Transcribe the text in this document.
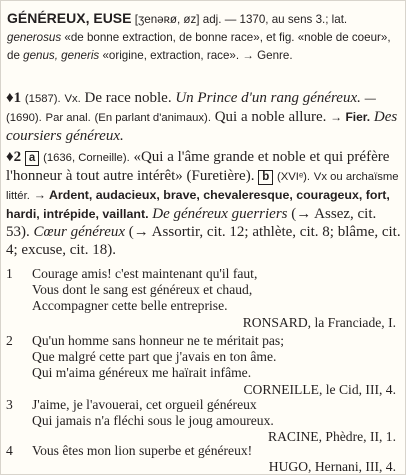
GÉNÉREUX, EUSE [ʒenəʀø, øz] adj. — 1370, au sens 3.; lat. generosus «de bonne extraction, de bonne race», et fig. «noble de coeur», de genus, generis «origine, extraction, race». → Genre.
♦1 (1587). Vx. De race noble. Un Prince d'un rang généreux. — (1690). Par anal. (En parlant d'animaux). Qui a noble allure. → Fier. Des coursiers généreux.
♦2 a (1636, Corneille). «Qui a l'âme grande et noble et qui préfère l'honneur à tout autre intérêt» (Furetière). b (XVIᵉ). Vx ou archaïsme littér. → Ardent, audacieux, brave, chevaleresque, courageux, fort, hardi, intrépide, vaillant. De généreux guerriers (→ Assez, cit. 53). Cœur généreux (→ Assortir, cit. 12; athlète, cit. 8; blâme, cit. 4; excuse, cit. 18).
1	Courage amis! c'est maintenant qu'il faut,
Vous dont le sang est généreux et chaud,
Accompagner cette belle entreprise.
RONSARD, la Franciade, I.
2	Qu'un homme sans honneur ne te méritait pas;
Que malgré cette part que j'avais en ton âme.
Qui m'aima généreux me haïrait infâme.
CORNEILLE, le Cid, III, 4.
3	J'aime, je l'avouerai, cet orgueil généreux
Qui jamais n'a fléchi sous le joug amoureux.
RACINE, Phèdre, II, 1.
4	Vous êtes mon lion superbe et généreux!
HUGO, Hernani, III, 4.
